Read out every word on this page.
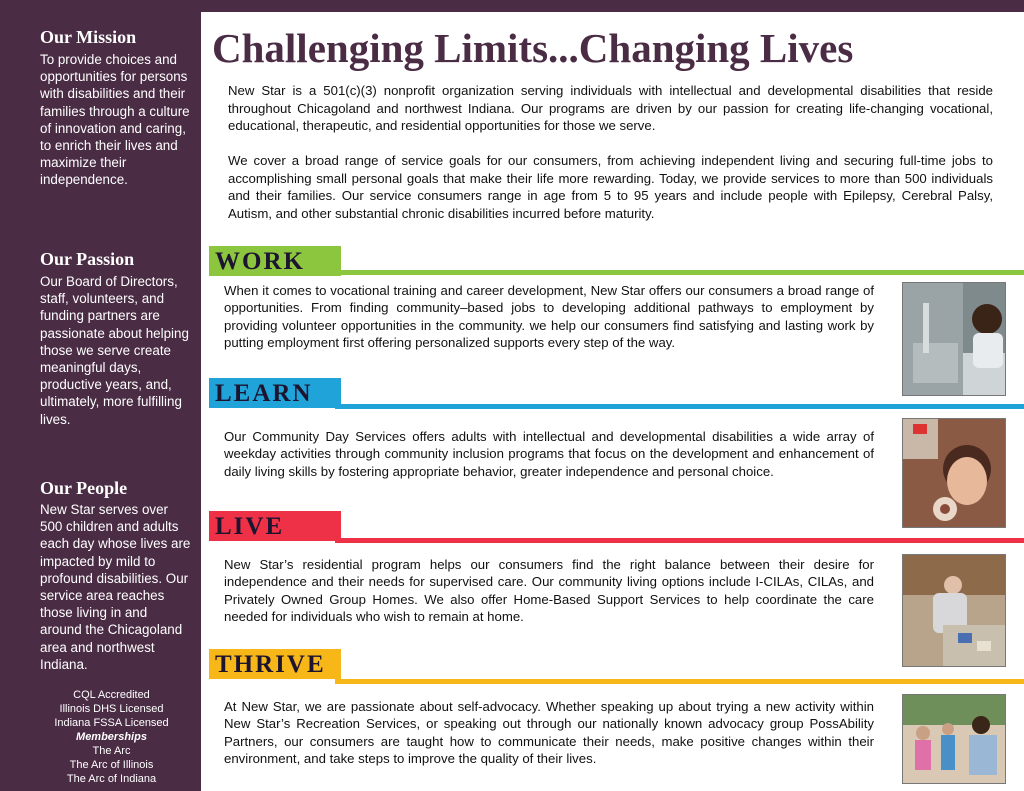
Our Mission
To provide choices and opportunities for persons with disabilities and their families through a culture of innovation and caring, to enrich their lives and maximize their independence.
Our Passion
Our Board of Directors, staff, volunteers, and funding partners are passionate about helping those we serve create meaningful days, productive years, and, ultimately, more fulfilling lives.
Our People
New Star serves over 500 children and adults each day whose lives are impacted by mild to profound disabilities. Our service area reaches those living in and around the Chicagoland area and northwest Indiana.
CQL Accredited
Illinois DHS Licensed
Indiana FSSA Licensed
Memberships
The Arc
The Arc of Illinois
The Arc of Indiana
Challenging Limits...Changing Lives

New Star is a 501(c)(3) nonprofit organization serving individuals with intellectual and developmental disabilities that reside throughout Chicagoland and northwest Indiana. Our programs are driven by our passion for creating life-changing vocational, educational, therapeutic, and residential opportunities for those we serve.

We cover a broad range of service goals for our consumers, from achieving independent living and securing full-time jobs to accomplishing small personal goals that make their life more rewarding. Today, we provide services to more than 500 individuals and their families. Our service consumers range in age from 5 to 95 years and include people with Epilepsy, Cerebral Palsy, Autism, and other substantial chronic disabilities incurred before maturity.

WORK

When it comes to vocational training and career development, New Star offers our consumers a broad range of opportunities. From finding community–based jobs to developing additional pathways to employment by providing volunteer opportunities in the community. we help our consumers find satisfying and lasting work by putting employment first offering personalized supports every step of the way.

LEARN

Our Community Day Services offers adults with intellectual and developmental disabilities a wide array of weekday activities through community inclusion programs that focus on the development and enhancement of daily living skills by fostering appropriate behavior, greater independence and personal choice.

LIVE

New Star’s residential program helps our consumers find the right balance between their desire for independence and their needs for supervised care. Our community living options include I-CILAs, CILAs, and Privately Owned Group Homes. We also offer Home-Based Support Services to help coordinate the care needed for individuals who wish to remain at home.

THRIVE

At New Star, we are passionate about self-advocacy. Whether speaking up about trying a new activity within New Star’s Recreation Services, or speaking out through our nationally known advocacy group PossAbility Partners, our consumers are taught how to communicate their needs, make positive changes within their environment, and take steps to improve the quality of their lives.
